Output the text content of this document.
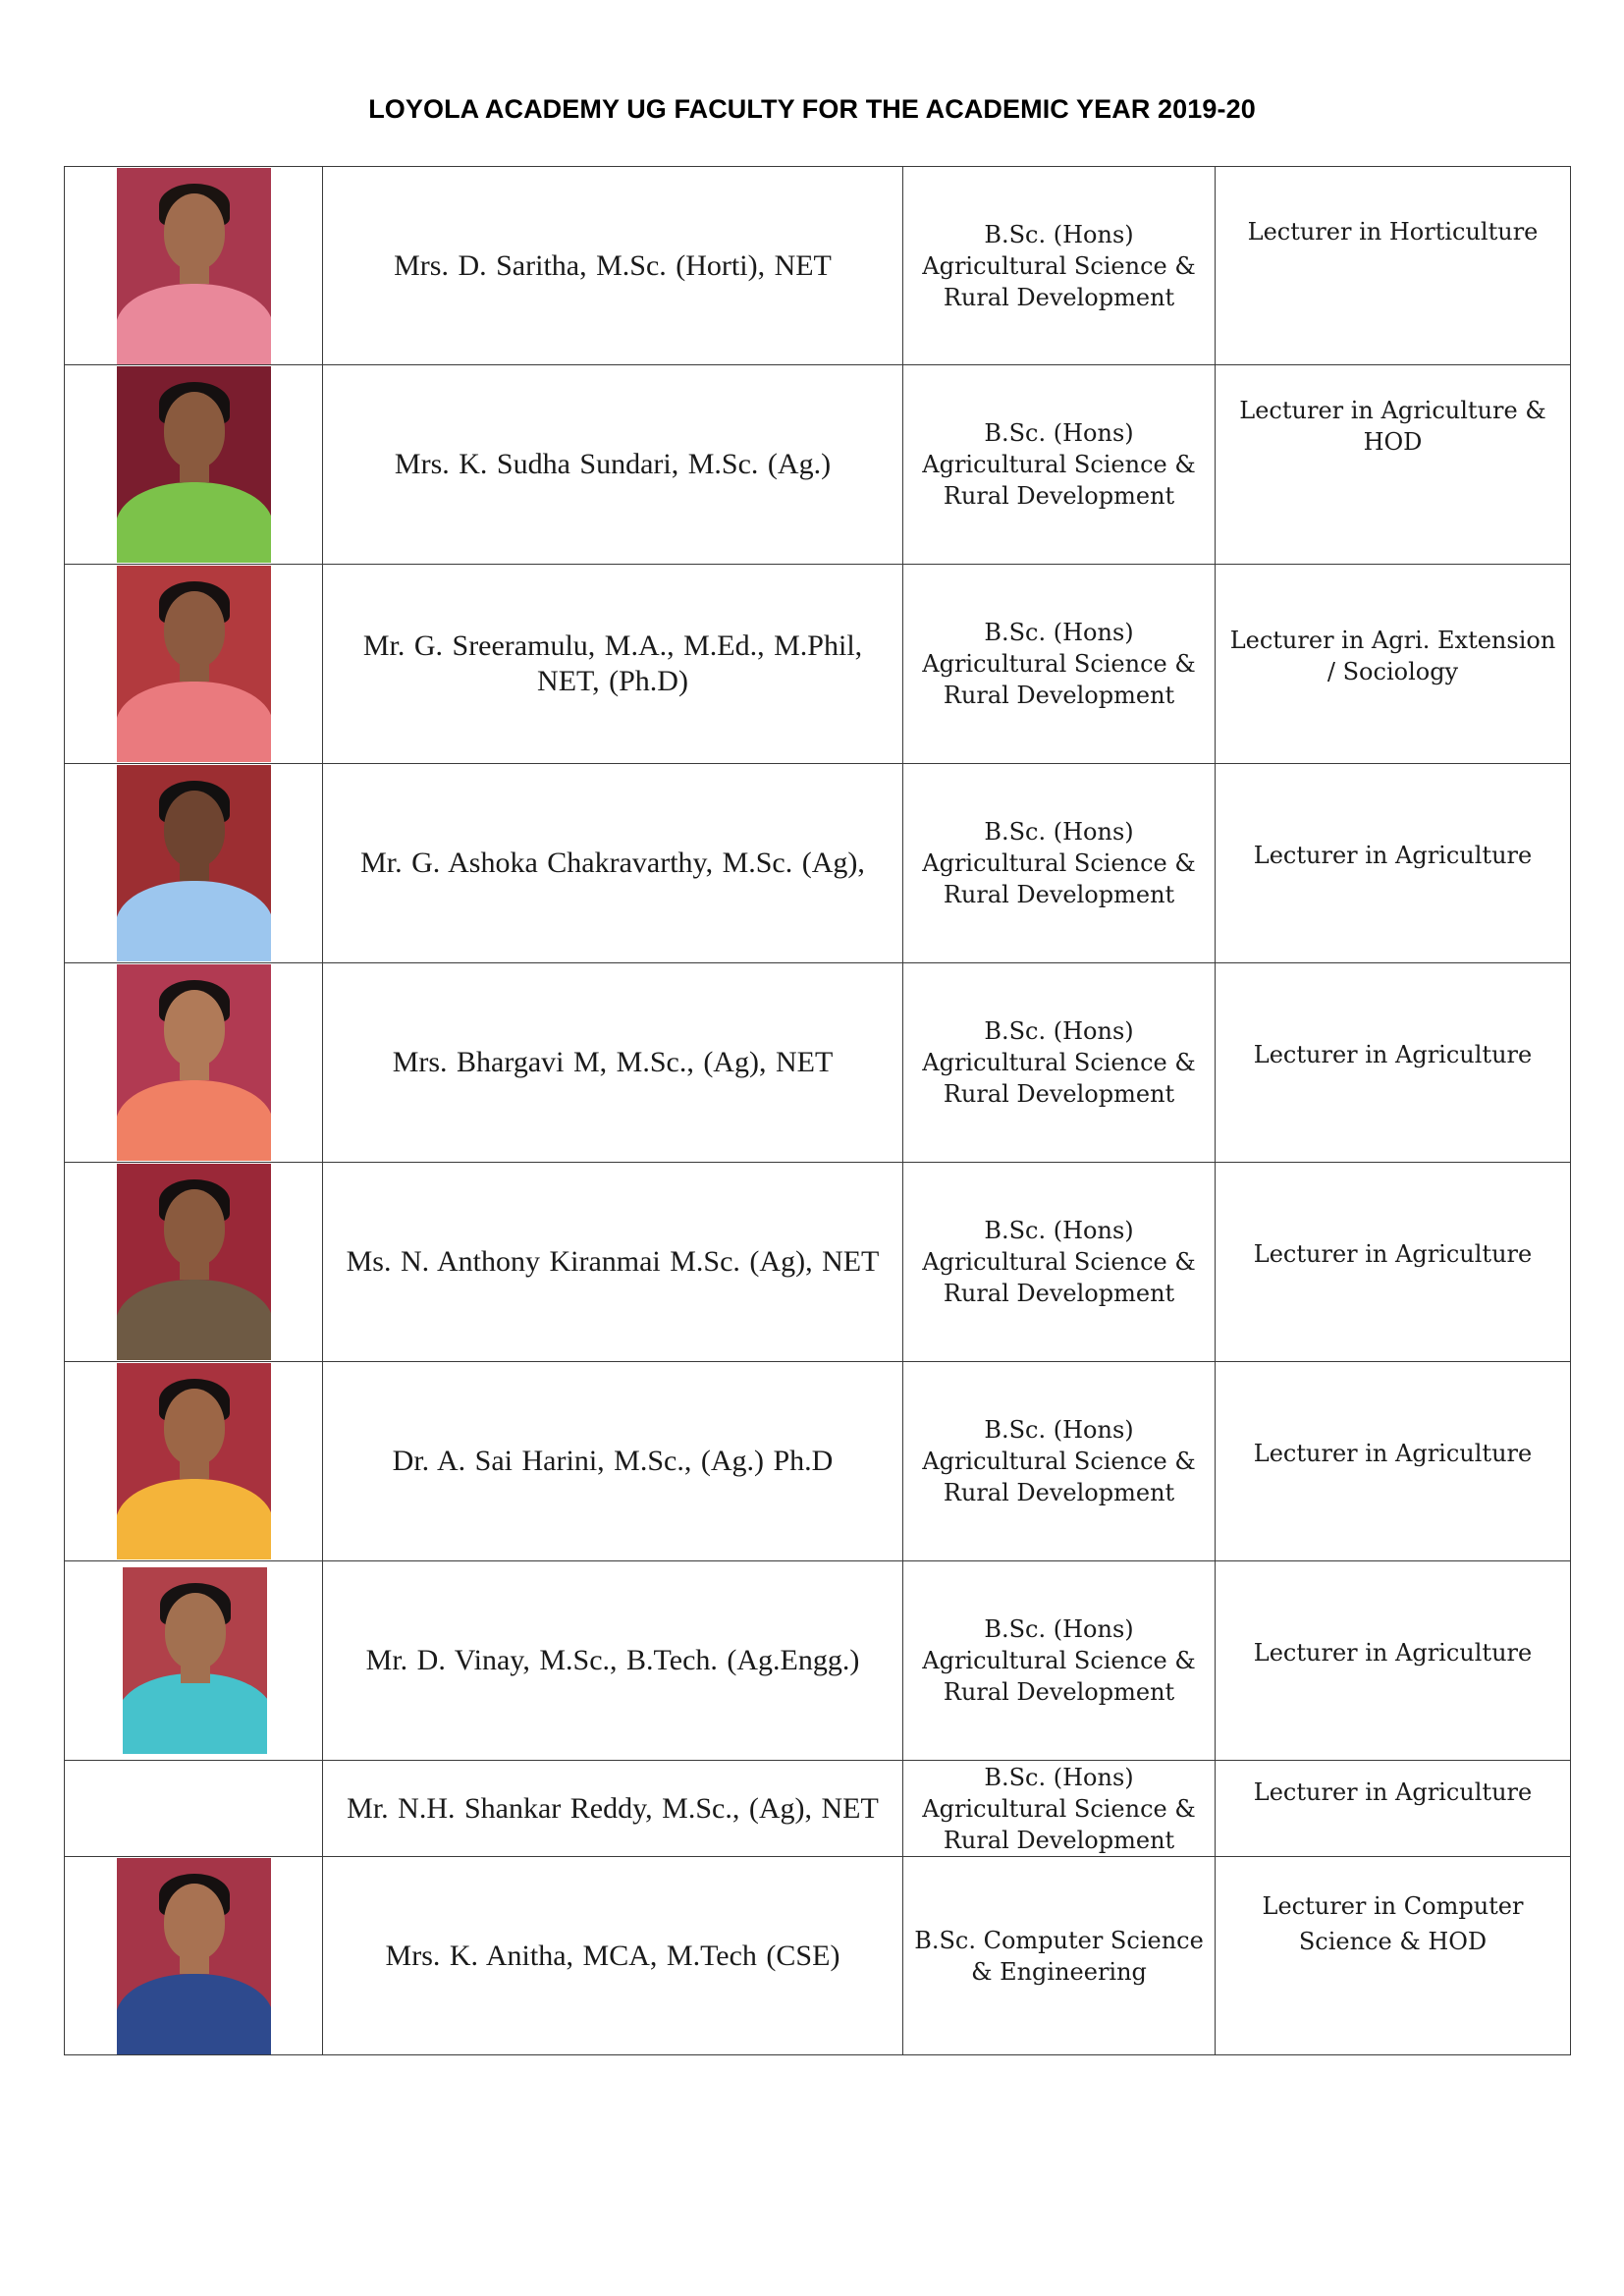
LOYOLA ACADEMY UG FACULTY FOR THE ACADEMIC YEAR 2019-20

	Mrs. D. Saritha, M.Sc. (Horti), NET	B.Sc. (Hons) Agricultural Science & Rural Development	Lecturer in Horticulture

	Mrs. K. Sudha Sundari, M.Sc. (Ag.)	B.Sc. (Hons) Agricultural Science & Rural Development	Lecturer in Agriculture & HOD

	Mr. G. Sreeramulu, M.A., M.Ed., M.Phil, NET, (Ph.D)	B.Sc. (Hons) Agricultural Science & Rural Development	Lecturer in Agri. Extension / Sociology

	Mr. G. Ashoka Chakravarthy, M.Sc. (Ag),	B.Sc. (Hons) Agricultural Science & Rural Development	Lecturer in Agriculture

	Mrs. Bhargavi M, M.Sc., (Ag), NET	B.Sc. (Hons) Agricultural Science & Rural Development	Lecturer in Agriculture

	Ms. N. Anthony Kiranmai M.Sc. (Ag), NET	B.Sc. (Hons) Agricultural Science & Rural Development	Lecturer in Agriculture

	Dr. A. Sai Harini, M.Sc., (Ag.) Ph.D	B.Sc. (Hons) Agricultural Science & Rural Development	Lecturer in Agriculture

	Mr. D. Vinay, M.Sc., B.Tech. (Ag.Engg.)	B.Sc. (Hons) Agricultural Science & Rural Development	Lecturer in Agriculture

	Mr. N.H. Shankar Reddy, M.Sc., (Ag), NET	B.Sc. (Hons) Agricultural Science & Rural Development	Lecturer in Agriculture

	Mrs. K. Anitha, MCA, M.Tech (CSE)	B.Sc. Computer Science & Engineering	Lecturer in Computer Science & HOD
